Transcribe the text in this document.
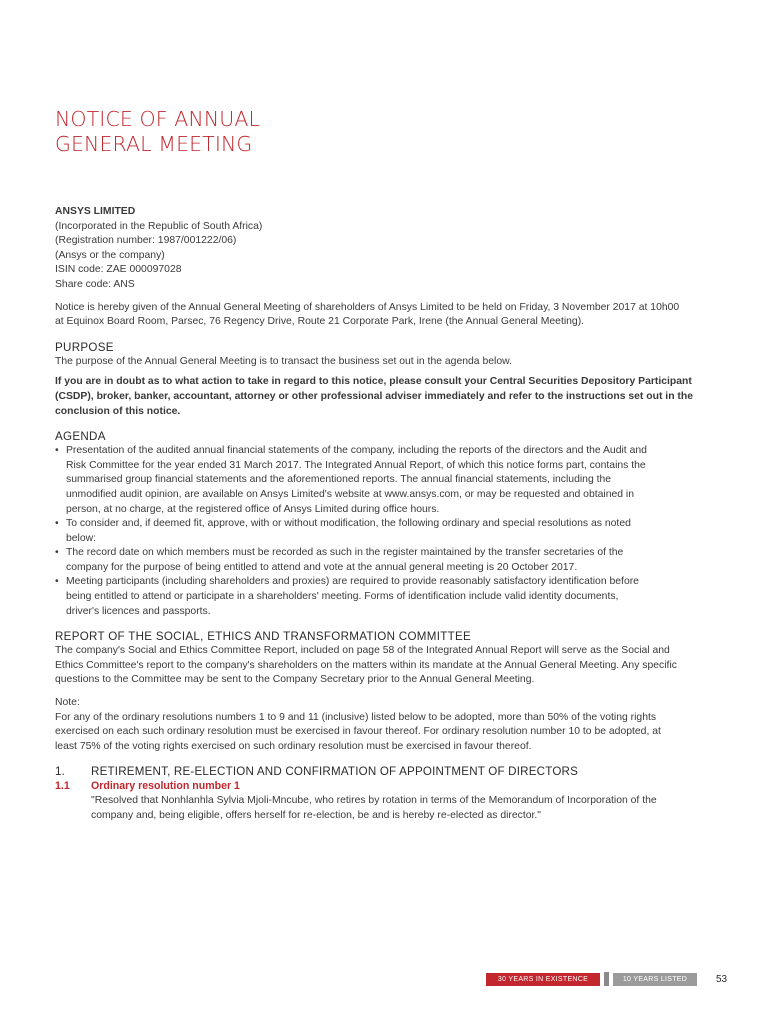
NOTICE OF ANNUAL
GENERAL MEETING
ANSYS LIMITED
(Incorporated in the Republic of South Africa)
(Registration number: 1987/001222/06)
(Ansys or the company)
ISIN code: ZAE 000097028
Share code: ANS

Notice is hereby given of the Annual General Meeting of shareholders of Ansys Limited to be held on Friday, 3 November 2017 at 10h00
at Equinox Board Room, Parsec, 76 Regency Drive, Route 21 Corporate Park, Irene (the Annual General Meeting).

PURPOSE

The purpose of the Annual General Meeting is to transact the business set out in the agenda below.

If you are in doubt as to what action to take in regard to this notice, please consult your Central Securities Depository Participant
(CSDP), broker, banker, accountant, attorney or other professional adviser immediately and refer to the instructions set out in the
conclusion of this notice.

AGENDA
• Presentation of the audited annual financial statements of the company, including the reports of the directors and the Audit and
Risk Committee for the year ended 31 March 2017. The Integrated Annual Report, of which this notice forms part, contains the
summarised group financial statements and the aforementioned reports. The annual financial statements, including the
unmodified audit opinion, are available on Ansys Limited's website at www.ansys.com, or may be requested and obtained in
person, at no charge, at the registered office of Ansys Limited during office hours.
• To consider and, if deemed fit, approve, with or without modification, the following ordinary and special resolutions as noted
below:
• The record date on which members must be recorded as such in the register maintained by the transfer secretaries of the
company for the purpose of being entitled to attend and vote at the annual general meeting is 20 October 2017.
• Meeting participants (including shareholders and proxies) are required to provide reasonably satisfactory identification before
being entitled to attend or participate in a shareholders' meeting. Forms of identification include valid identity documents,
driver's licences and passports.
REPORT OF THE SOCIAL, ETHICS AND TRANSFORMATION COMMITTEE

The company's Social and Ethics Committee Report, included on page 58 of the Integrated Annual Report will serve as the Social and
Ethics Committee's report to the company's shareholders on the matters within its mandate at the Annual General Meeting. Any specific
questions to the Committee may be sent to the Company Secretary prior to the Annual General Meeting.

Note:

For any of the ordinary resolutions numbers 1 to 9 and 11 (inclusive) listed below to be adopted, more than 50% of the voting rights
exercised on each such ordinary resolution must be exercised in favour thereof. For ordinary resolution number 10 to be adopted, at
least 75% of the voting rights exercised on such ordinary resolution must be exercised in favour thereof.

1.	RETIREMENT, RE-ELECTION AND CONFIRMATION OF APPOINTMENT OF DIRECTORS
1.1	Ordinary resolution number 1

"Resolved that Nonhlanhla Sylvia Mjoli-Mncube, who retires by rotation in terms of the Memorandum of Incorporation of the
company and, being eligible, offers herself for re-election, be and is hereby re-elected as director."

30 YEARS IN EXISTENCE	10 YEARS LISTED	53
